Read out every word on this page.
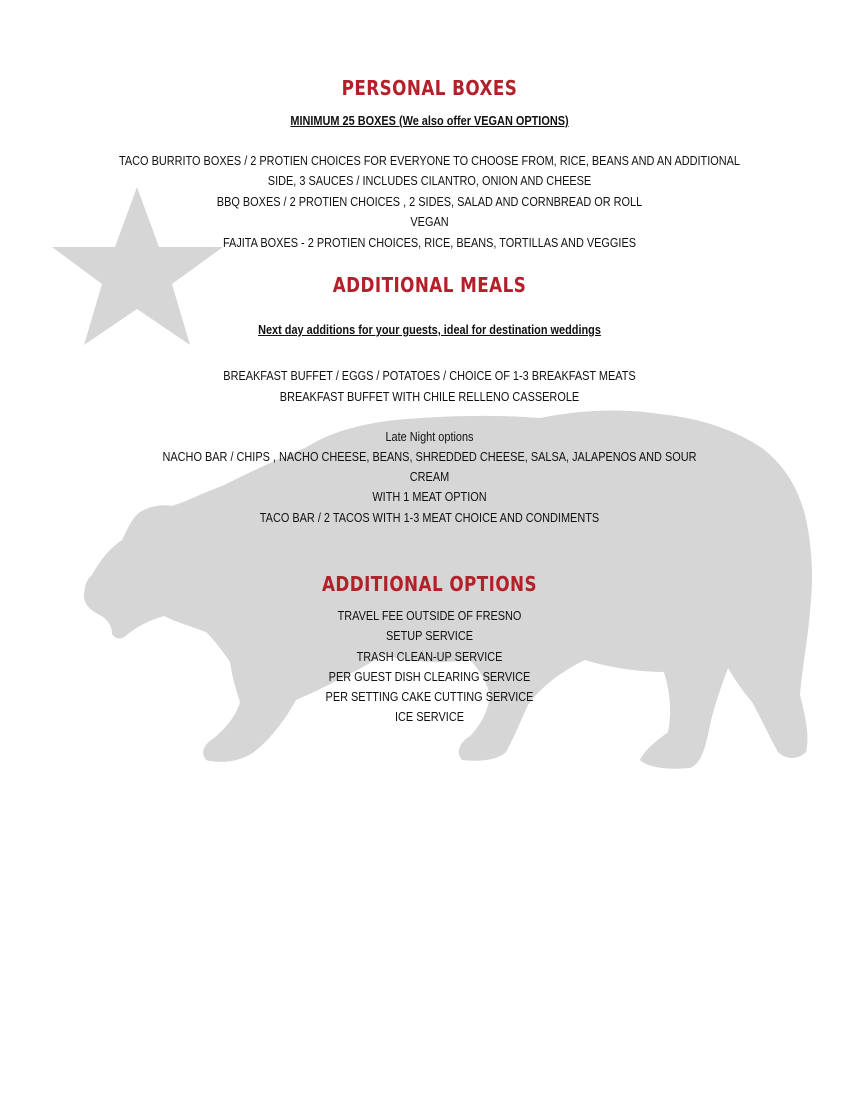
PERSONAL BOXES
MINIMUM 25 BOXES (We also offer VEGAN OPTIONS)
TACO BURRITO BOXES / 2 PROTIEN CHOICES FOR EVERYONE TO CHOOSE FROM, RICE, BEANS AND AN ADDITIONAL
SIDE, 3 SAUCES / INCLUDES CILANTRO, ONION AND CHEESE
BBQ BOXES / 2 PROTIEN CHOICES , 2 SIDES, SALAD AND CORNBREAD OR ROLL
VEGAN
FAJITA BOXES - 2 PROTIEN CHOICES, RICE, BEANS, TORTILLAS AND VEGGIES
ADDITIONAL MEALS
Next day additions for your guests, ideal for destination weddings
BREAKFAST BUFFET / EGGS / POTATOES / CHOICE OF 1-3 BREAKFAST MEATS
BREAKFAST BUFFET WITH CHILE RELLENO CASSEROLE
Late Night options
NACHO BAR / CHIPS , NACHO CHEESE, BEANS, SHREDDED CHEESE, SALSA, JALAPENOS AND SOUR
CREAM
WITH 1 MEAT OPTION
TACO BAR / 2 TACOS WITH 1-3 MEAT CHOICE AND CONDIMENTS
ADDITIONAL OPTIONS
TRAVEL FEE OUTSIDE OF FRESNO
SETUP SERVICE
TRASH CLEAN-UP SERVICE
PER GUEST DISH CLEARING SERVICE
PER SETTING CAKE CUTTING SERVICE
ICE SERVICE
